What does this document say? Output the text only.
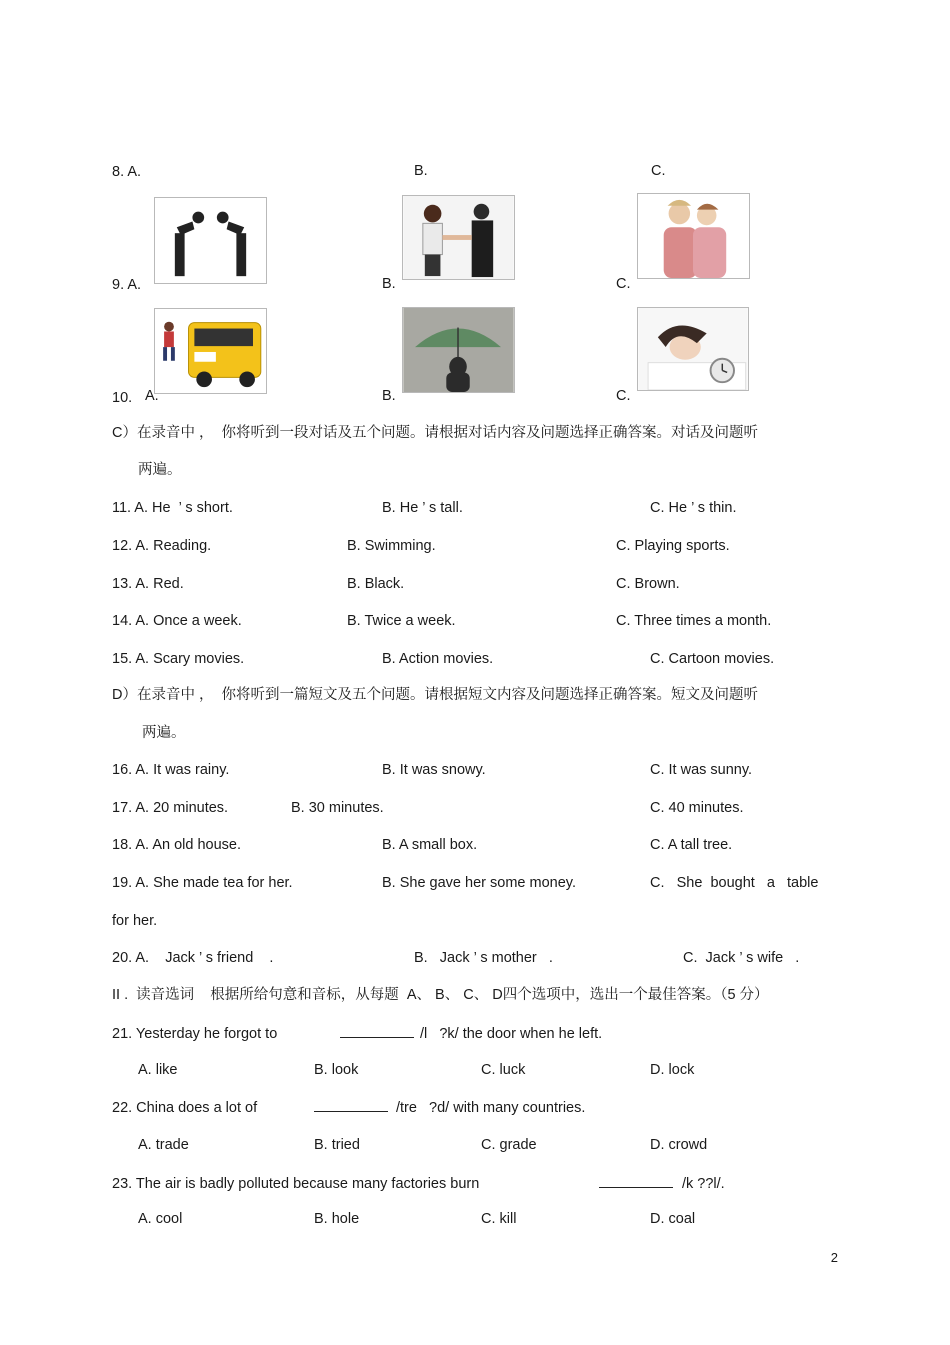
8. A.	B.	C.
9. A.	B.	C.
10. A.	B.	C.
C）在录音中 ，  你将听到一段对话及五个问题。请根据对话内容及问题选择正确答案。对话及问题听
两遍。
11. A. He  ’ s short.	B. He ’ s tall.	C. He ’ s thin.
12. A. Reading.	B. Swimming.	C. Playing sports.
13. A. Red.	B. Black.	C. Brown.
14. A. Once a week.	B. Twice a week.	C. Three times a month.
15. A. Scary movies.	B. Action movies.	C. Cartoon movies.
D）在录音中 ，  你将听到一篇短文及五个问题。请根据短文内容及问题选择正确答案。短文及问题听
两遍。
16. A. It was rainy.	B. It was snowy.	C. It was sunny.
17. A. 20 minutes.	B. 30 minutes.	C. 40 minutes.
18. A. An old house.	B. A small box.	C. A tall tree.
19. A. She made tea for her.	B. She gave her some money.	C.   She  bought   a   table
for her.
20. A.    Jack ’ s friend    .	B.   Jack ’ s mother   .	C.  Jack ’ s wife   .
II .  读音选词    根据所给句意和音标，从每题  A、 B、 C、 D四个选项中，选出一个最佳答案。（5 分）
21. Yesterday he forgot to	/l   ?k/ the door when he left.
A. like	B. look	C. luck	D. lock
22. China does a lot of	/tre   ?d/ with many countries.
A. trade	B. tried	C. grade	D. crowd
23. The air is badly polluted because many factories burn	/k ??l/.
A. cool	B. hole	C. kill	D. coal
2
